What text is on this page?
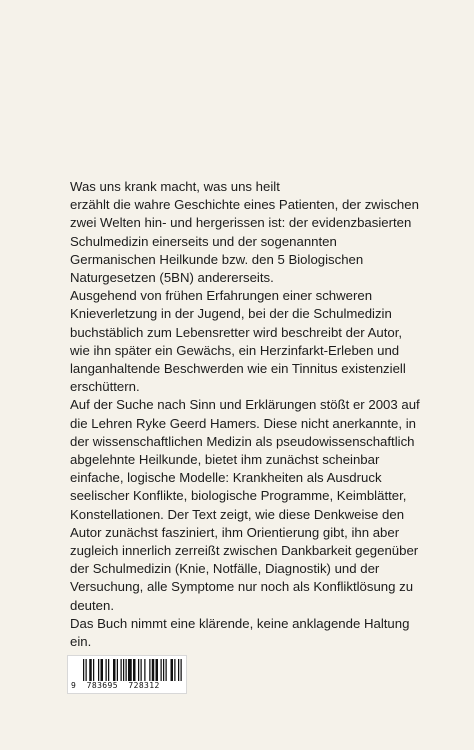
Was uns krank macht, was uns heilt
erzählt die wahre Geschichte eines Patienten, der zwischen zwei Welten hin- und hergerissen ist: der evidenzbasierten Schulmedizin einerseits und der sogenannten Germanischen Heilkunde bzw. den 5 Biologischen Naturgesetzen (5BN) andererseits.

Ausgehend von frühen Erfahrungen einer schweren Knieverletzung in der Jugend, bei der die Schulmedizin buchstäblich zum Lebensretter wird beschreibt der Autor, wie ihn später ein Gewächs, ein Herzinfarkt-Erleben und langanhaltende Beschwerden wie ein Tinnitus existenziell erschüttern.

Auf der Suche nach Sinn und Erklärungen stößt er 2003 auf die Lehren Ryke Geerd Hamers. Diese nicht anerkannte, in der wissenschaftlichen Medizin als pseudowissenschaftlich abgelehnte Heilkunde, bietet ihm zunächst scheinbar einfache, logische Modelle: Krankheiten als Ausdruck seelischer Konflikte, biologische Programme, Keimblätter, Konstellationen. Der Text zeigt, wie diese Denkweise den Autor zunächst fasziniert, ihm Orientierung gibt, ihn aber zugleich innerlich zerreißt zwischen Dankbarkeit gegenüber der Schulmedizin (Knie, Notfälle, Diagnostik) und der Versuchung, alle Symptome nur noch als Konfliktlösung zu deuten.

Das Buch nimmt eine klärende, keine anklagende Haltung ein.

9  783695  728312
